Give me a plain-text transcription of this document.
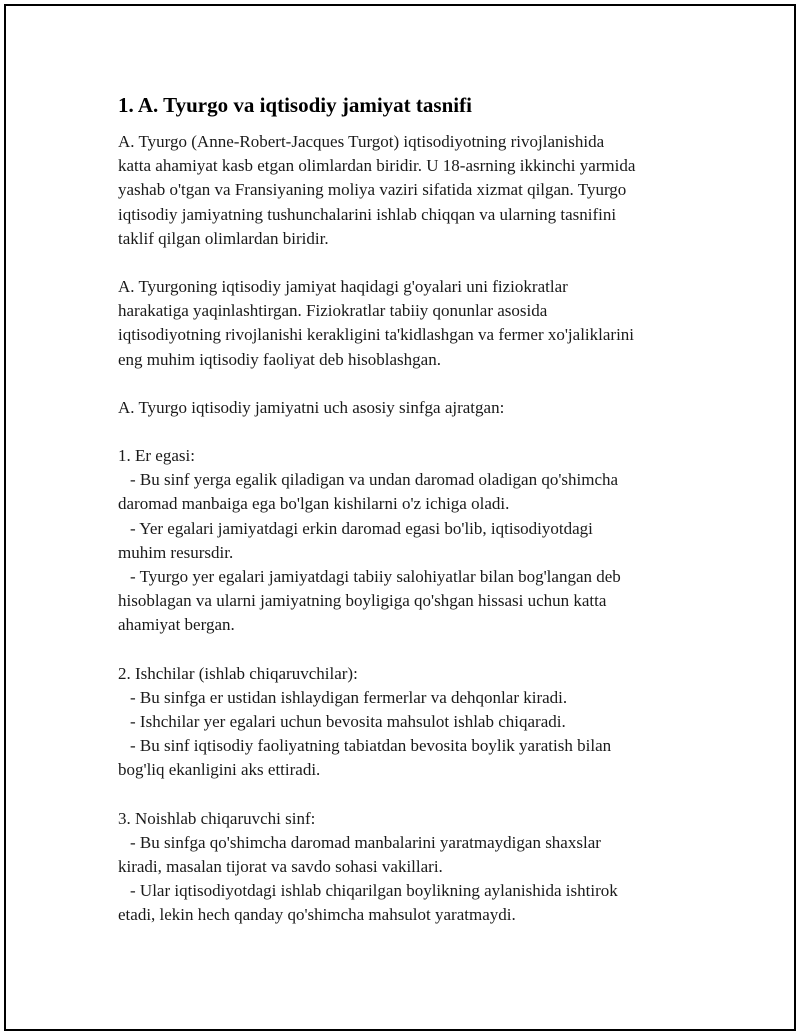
1. A. Tyurgo va iqtisodiy jamiyat tasnifi
A. Tyurgo (Anne-Robert-Jacques Turgot) iqtisodiyotning rivojlanishida
katta ahamiyat kasb etgan olimlardan biridir. U 18-asrning ikkinchi yarmida
yashab o'tgan va Fransiyaning moliya vaziri sifatida xizmat qilgan. Tyurgo
iqtisodiy jamiyatning tushunchalarini ishlab chiqqan va ularning tasnifini
taklif qilgan olimlardan biridir.
A. Tyurgoning iqtisodiy jamiyat haqidagi g'oyalari uni fiziokratlar
harakatiga yaqinlashtirgan. Fiziokratlar tabiiy qonunlar asosida
iqtisodiyotning rivojlanishi kerakligini ta'kidlashgan va fermer xo'jaliklarini
eng muhim iqtisodiy faoliyat deb hisoblashgan.
A. Tyurgo iqtisodiy jamiyatni uch asosiy sinfga ajratgan:
1. Er egasi:
- Bu sinf yerga egalik qiladigan va undan daromad oladigan qo'shimcha
daromad manbaiga ega bo'lgan kishilarni o'z ichiga oladi.
- Yer egalari jamiyatdagi erkin daromad egasi bo'lib, iqtisodiyotdagi
muhim resursdir.
- Tyurgo yer egalari jamiyatdagi tabiiy salohiyatlar bilan bog'langan deb
hisoblagan va ularni jamiyatning boyligiga qo'shgan hissasi uchun katta
ahamiyat bergan.
2. Ishchilar (ishlab chiqaruvchilar):
- Bu sinfga er ustidan ishlaydigan fermerlar va dehqonlar kiradi.
- Ishchilar yer egalari uchun bevosita mahsulot ishlab chiqaradi.
- Bu sinf iqtisodiy faoliyatning tabiatdan bevosita boylik yaratish bilan
bog'liq ekanligini aks ettiradi.
3. Noishlab chiqaruvchi sinf:
- Bu sinfga qo'shimcha daromad manbalarini yaratmaydigan shaxslar
kiradi, masalan tijorat va savdo sohasi vakillari.
- Ular iqtisodiyotdagi ishlab chiqarilgan boylikning aylanishida ishtirok
etadi, lekin hech qanday qo'shimcha mahsulot yaratmaydi.
